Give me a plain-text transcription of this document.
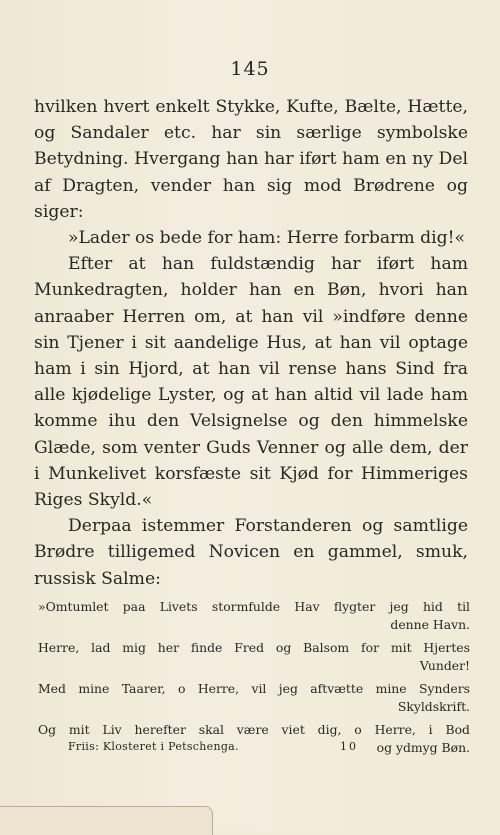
145

hvilken hvert enkelt Stykke, Kufte, Bælte, Hætte, og Sandaler etc. har sin særlige symbolske Betydning. Hvergang han har iført ham en ny Del af Dragten, vender han sig mod Brødrene og siger:

»Lader os bede for ham: Herre forbarm dig!«

Efter at han fuldstændig har iført ham Munkedragten, holder han en Bøn, hvori han anraaber Herren om, at han vil »indføre denne sin Tjener i sit aandelige Hus, at han vil optage ham i sin Hjord, at han vil rense hans Sind fra alle kjødelige Lyster, og at han altid vil lade ham komme ihu den Velsignelse og den himmelske Glæde, som venter Guds Venner og alle dem, der i Munkelivet korsfæste sit Kjød for Himmeriges Riges Skyld.«

Derpaa istemmer Forstanderen og samtlige Brødre tilligemed Novicen en gammel, smuk, russisk Salme:

»Omtumlet paa Livets stormfulde Hav flygter jeg hid til
denne Havn.
Herre, lad mig her finde Fred og Balsom for mit Hjertes
Vunder!
Med mine Taarer, o Herre, vil jeg aftvætte mine Synders
Skyldskrift.
Og mit Liv herefter skal være viet dig, o Herre, i Bod
og ydmyg Bøn.
Friis: Klosteret i Petschenga.	10
